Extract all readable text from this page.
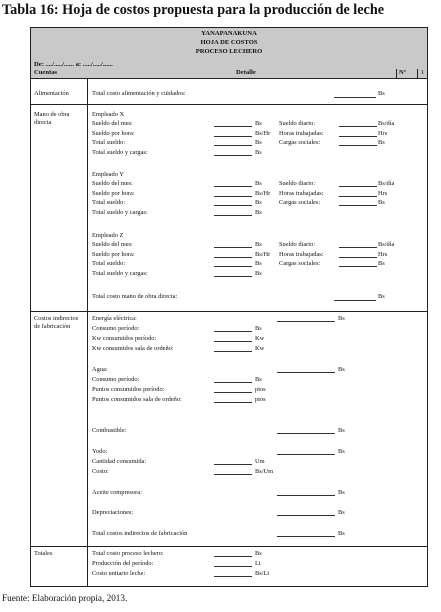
Tabla 16: Hoja de costos propuesta para la producción de leche
YANAPANAKUNA
HOJA DE COSTOS
PROCESO LECHERO
De: ..../...../...... a: ...../...../......
Cuentas	Detalle	N°	1
Alimentación	Total costo alimentación y cuidados:	Bs
Mano de obra
directa
Empleado X
Sueldo del mes:	Bs	Sueldo diario:	Bs/día
Sueldo por hora:	Bs/Hr Horas trabajadas:	Hrs
Total sueldo:	Bs	Cargas sociales:	Bs
Total sueldo y cargas:	Bs
Empleado Y
Sueldo del mes:	Bs	Sueldo diario:	Bs/día
Sueldo por hora:	Bs/Hr Horas trabajadas:	Hrs
Total sueldo:	Bs	Cargas sociales:	Bs
Total sueldo y cargas:	Bs
Empleado Z
Sueldo del mes:	Bs	Sueldo diario:	Bs/día
Sueldo por hora:	Bs/Hr Horas trabajadas:	Hrs
Total sueldo:	Bs	Cargas sociales:	Bs
Total sueldo y cargas:	Bs
Total costo mano de obra directa:	Bs
Costos indirectos
de fabricación
Energía eléctrica:	Bs
Consumo período:	Bs
Kw consumidos período:	Kw
Kw consumidos sala de ordeño:	Kw
Agua:	Bs
Consumo período:	Bs
Puntos consumidos período:	ptos
Puntos consumidos sala de ordeño:	ptos
Combustible:	Bs
Yodo:	Bs
Cantidad consumida:	Um
Costo:	Bs/Um
Aceite compresora:	Bs
Depreciaciones:	Bs
Total costos indirectos de fabricación	Bs
Totales	Total costo proceso lechero:	Bs
Producción del período:	Lt
Costo unitario leche:	Bs/Lt
Fuente: Elaboración propia, 2013.
